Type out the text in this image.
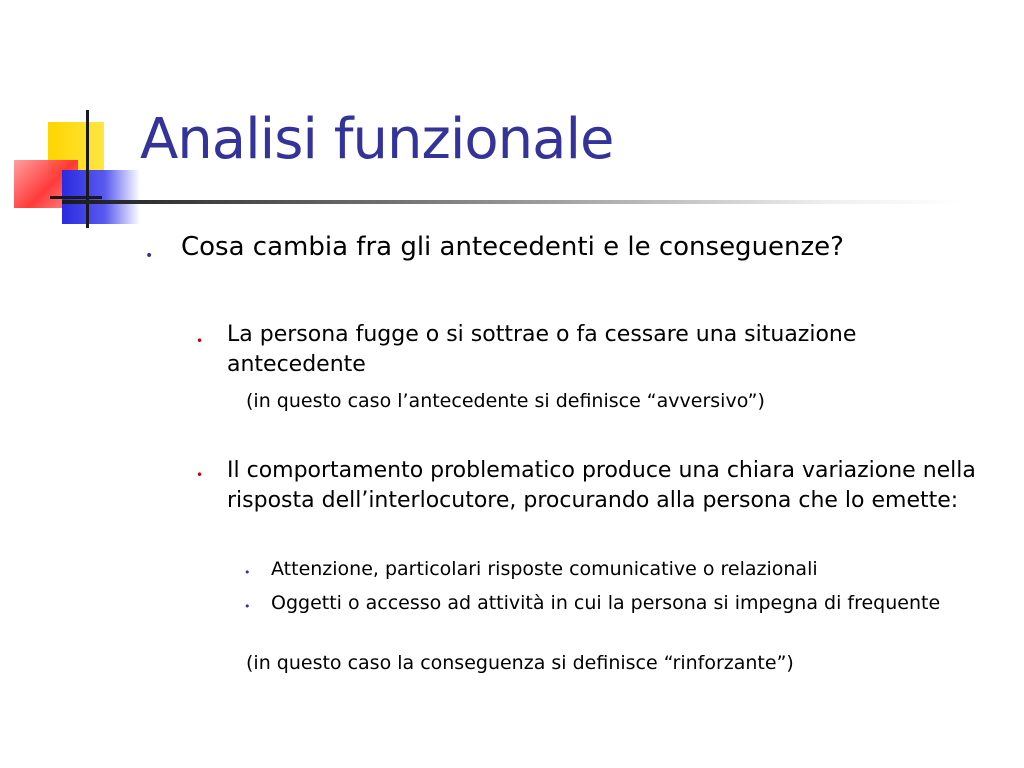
Analisi funzionale
• Cosa cambia fra gli antecedenti e le conseguenze?
• La persona fugge o si sottrae o fa cessare una situazione antecedente
(in questo caso l’antecedente si definisce “avversivo”)
• Il comportamento problematico produce una chiara variazione nella risposta dell’interlocutore, procurando alla persona che lo emette:
• Attenzione, particolari risposte comunicative o relazionali
• Oggetti o accesso ad attività in cui la persona si impegna di frequente
(in questo caso la conseguenza si definisce “rinforzante”)
